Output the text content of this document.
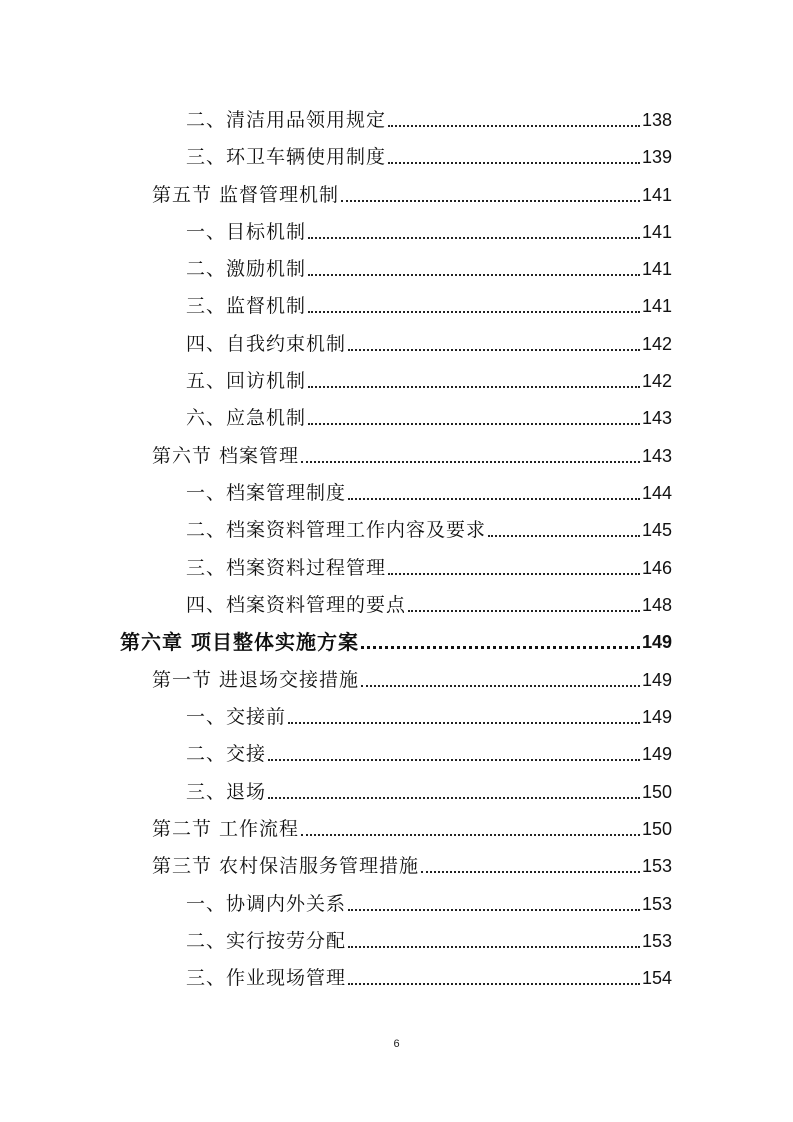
二、清洁用品领用规定	138
三、环卫车辆使用制度	139
第五节 监督管理机制	141
一、目标机制	141
二、激励机制	141
三、监督机制	141
四、自我约束机制	142
五、回访机制	142
六、应急机制	143
第六节 档案管理	143
一、档案管理制度	144
二、档案资料管理工作内容及要求	145
三、档案资料过程管理	146
四、档案资料管理的要点	148
第六章 项目整体实施方案	149
第一节 进退场交接措施	149
一、交接前	149
二、交接	149
三、退场	150
第二节 工作流程	150
第三节 农村保洁服务管理措施	153
一、协调内外关系	153
二、实行按劳分配	153
三、作业现场管理	154
6
